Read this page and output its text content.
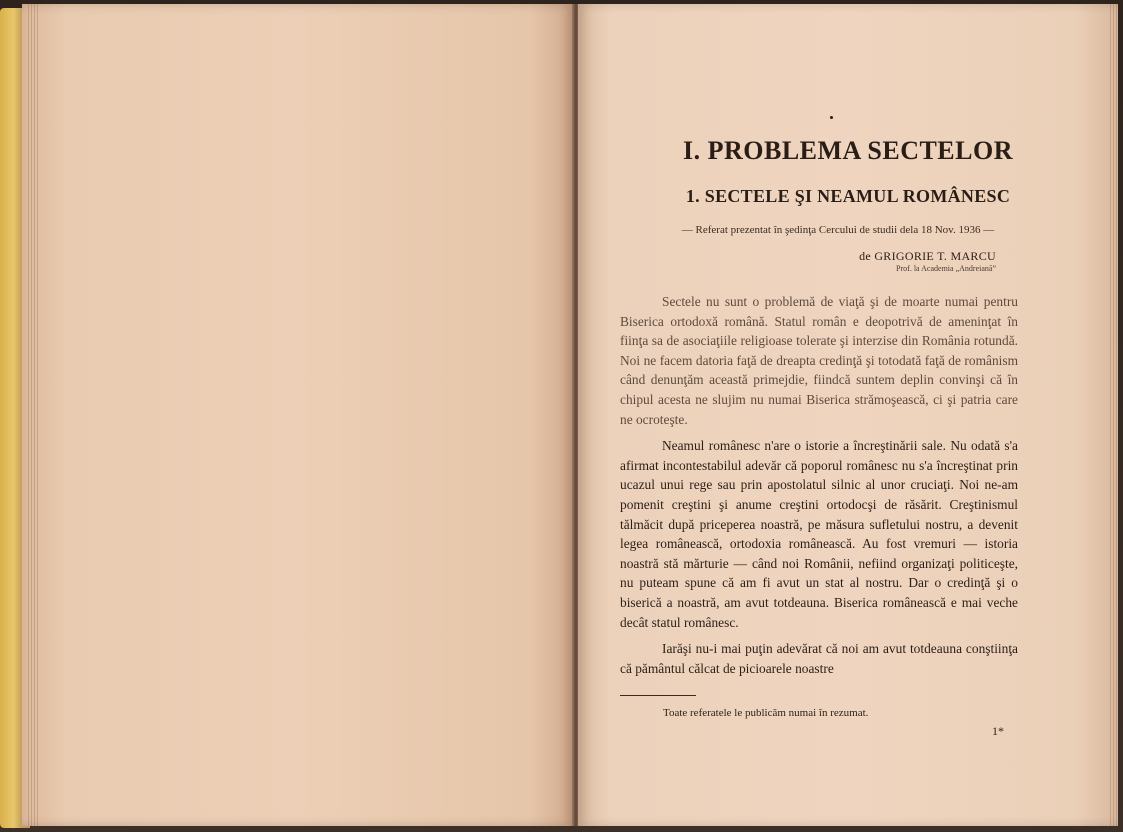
I. PROBLEMA SECTELOR
1. SECTELE ŞI NEAMUL ROMÂNESC
— Referat prezentat în şedinţa Cercului de studii dela 18 Nov. 1936 —
de GRIGORIE T. MARCU
Prof. la Academia „Andreiană”

Sectele nu sunt o problemă de viaţă şi de moarte numai pentru Biserica ortodoxă română. Statul român e deopotrivă de ameninţat în fiinţa sa de asociaţiile religioase tolerate şi interzise din România rotundă. Noi ne facem datoria faţă de dreapta credinţă şi totodată faţă de românism când denunţăm această primejdie, fiindcă suntem deplin convinşi că în chipul acesta ne slujim nu numai Biserica strămoşească, ci şi patria care ne ocroteşte.

Neamul românesc n'are o istorie a încreştinării sale. Nu odată s'a afirmat incontestabilul adevăr că poporul românesc nu s'a încreştinat prin ucazul unui rege sau prin apostolatul silnic al unor cruciaţi. Noi ne-am pomenit creştini şi anume creştini ortodocşi de răsărit. Creştinismul tălmăcit după priceperea noastră, pe măsura sufletului nostru, a devenit legea românească, ortodoxia românească. Au fost vremuri — istoria noastră stă mărturie — când noi Românii, nefiind organizaţi politiceşte, nu puteam spune că am fi avut un stat al nostru. Dar o credinţă şi o biserică a noastră, am avut totdeauna. Biserica românească e mai veche decât statul românesc.

Iarăşi nu-i mai puţin adevărat că noi am avut totdeauna conştiinţa că pământul călcat de picioarele noastre

Toate referatele le publicăm numai în rezumat.
1*
